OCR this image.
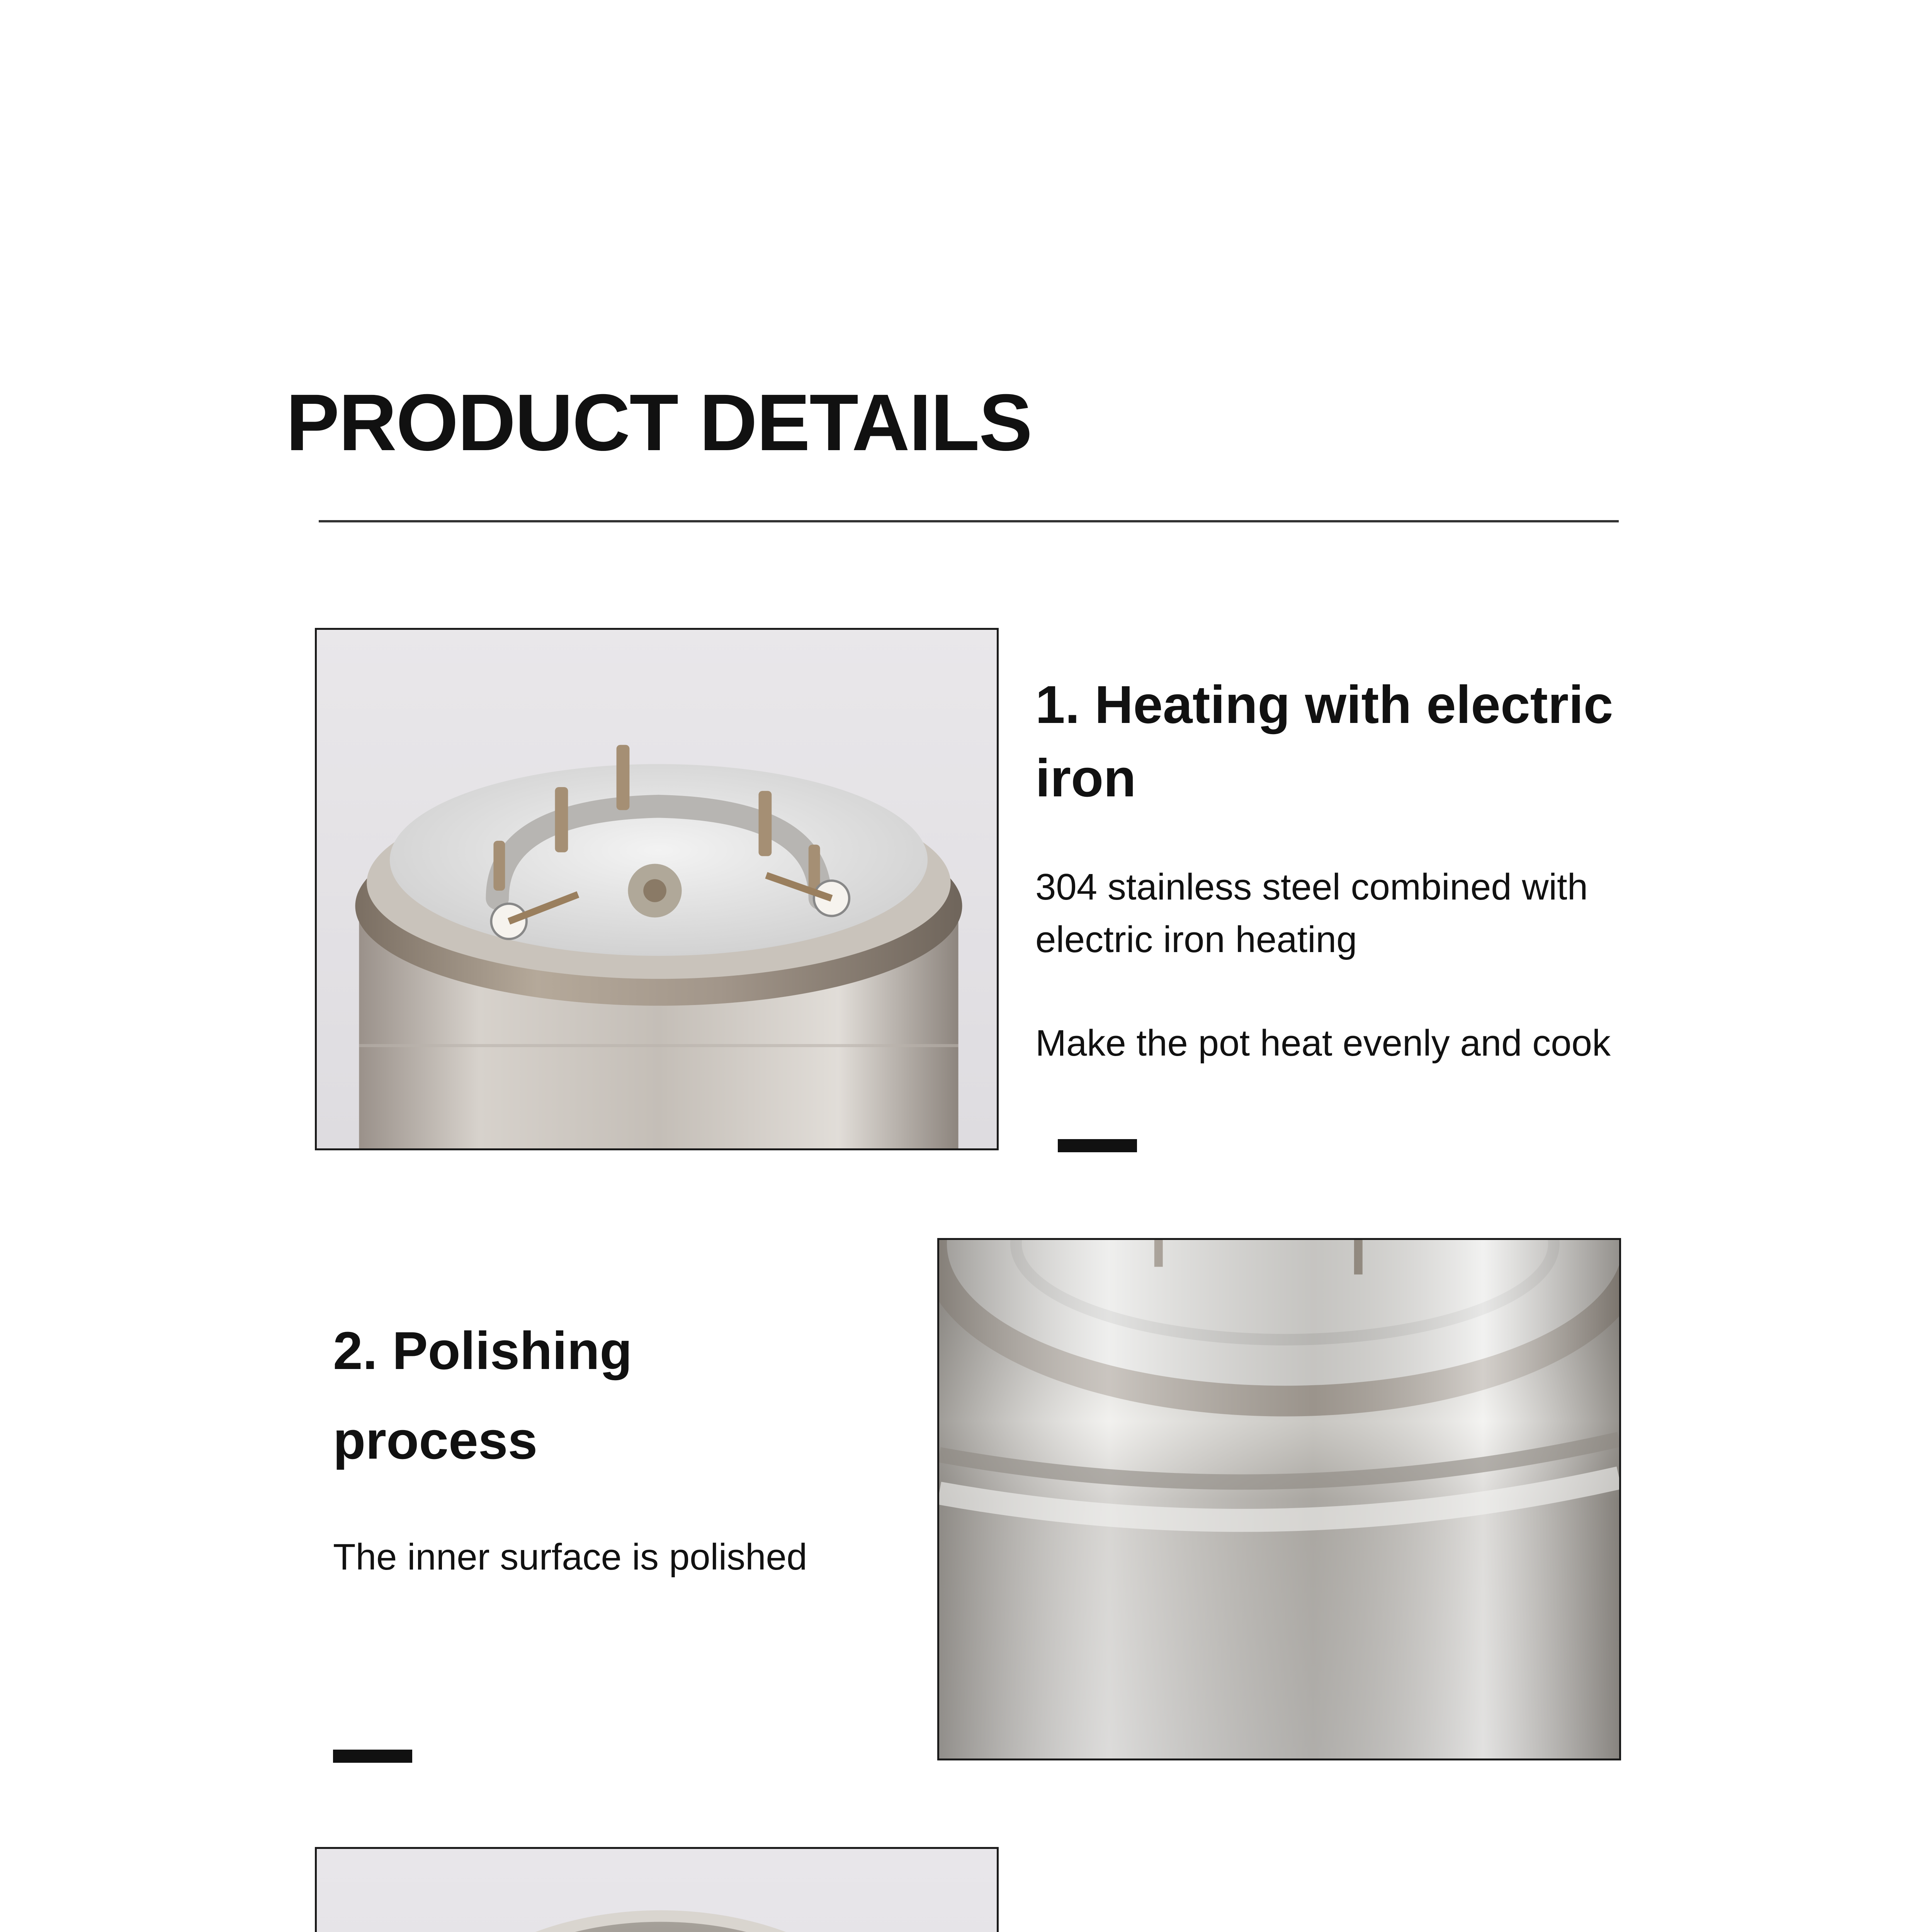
PRODUCT DETAILS
1. Heating with electric
iron

304 stainless steel combined with

electric iron heating

Make the pot heat evenly and cook

2. Polishing
process

The inner surface is polished
